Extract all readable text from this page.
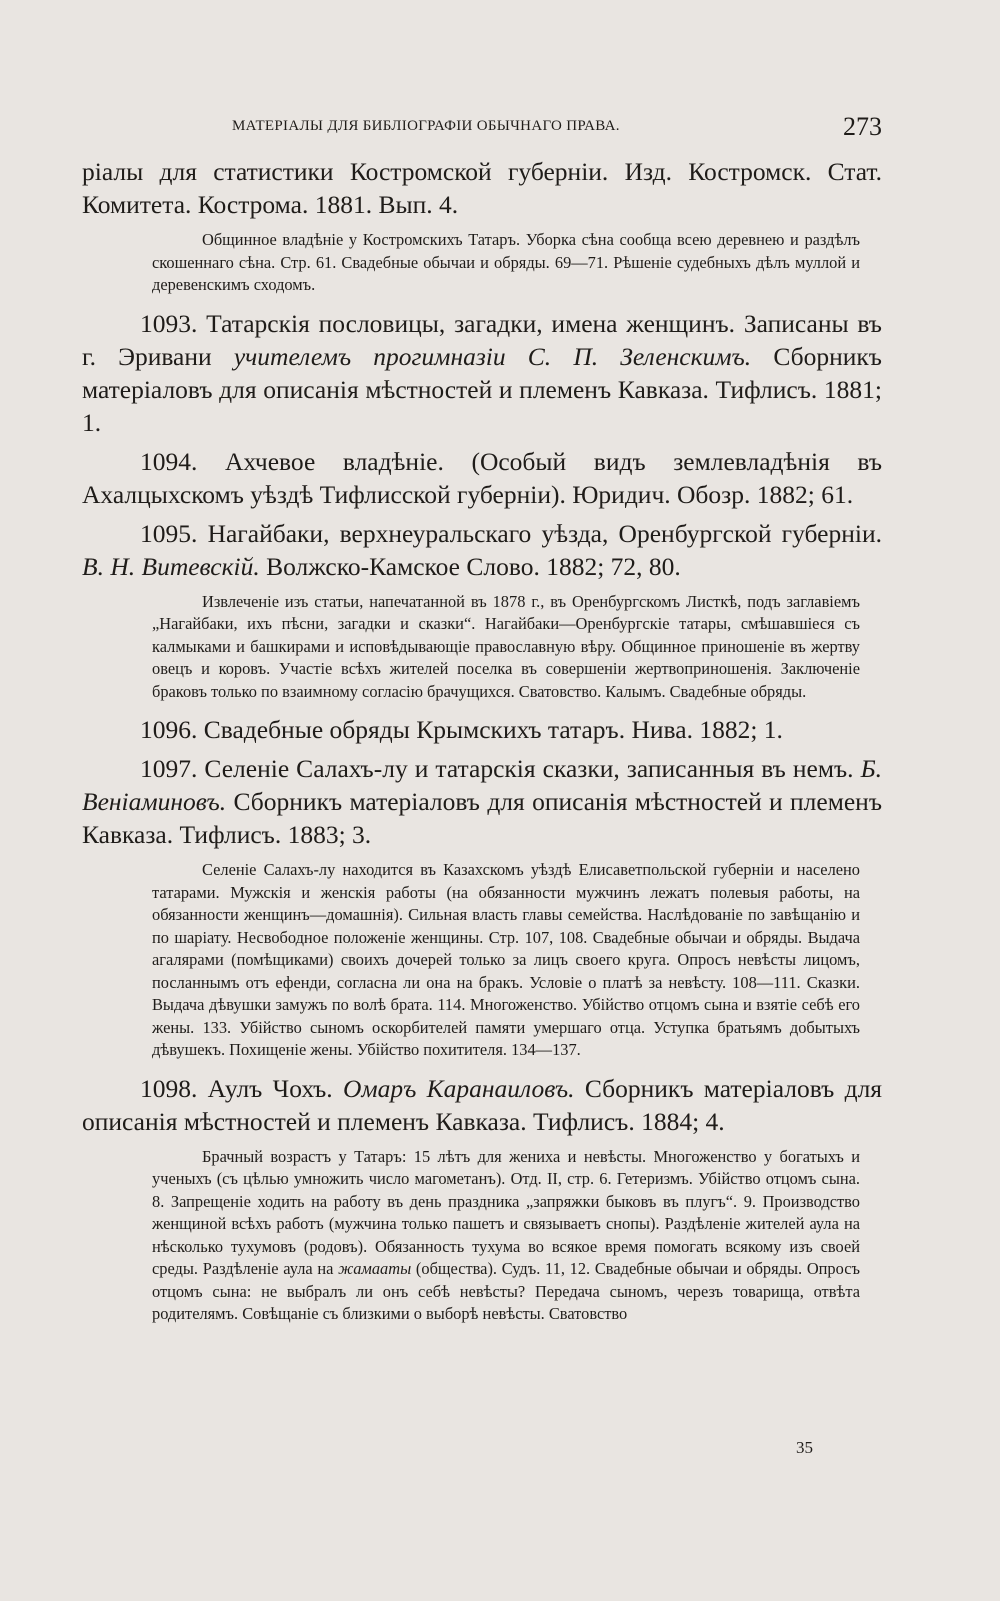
МАТЕРІАЛЫ ДЛЯ БИБЛІОГРАФІИ ОБЫЧНАГО ПРАВА.	273

ріалы для статистики Костромской губерніи. Изд. Костромск. Стат. Комитета. Кострома. 1881. Вып. 4.

Общинное владѣніе у Костромскихъ Татаръ. Уборка сѣна сообща всею деревнею и раздѣлъ скошеннаго сѣна. Стр. 61. Свадебные обычаи и обряды. 69—71. Рѣшеніе судебныхъ дѣлъ муллой и деревенскимъ сходомъ.

1093. Татарскія пословицы, загадки, имена женщинъ. Записаны въ г. Эривани учителемъ прогимназіи С. П. Зеленскимъ. Сборникъ матеріаловъ для описанія мѣстностей и племенъ Кавказа. Тифлисъ. 1881; 1.

1094. Ахчевое владѣніе. (Особый видъ землевладѣнія въ Ахалцыхскомъ уѣздѣ Тифлисской губерніи). Юридич. Обозр. 1882; 61.

1095. Нагайбаки, верхнеуральскаго уѣзда, Оренбургской губерніи. В. Н. Витевскій. Волжско-Камское Слово. 1882; 72, 80.

Извлеченіе изъ статьи, напечатанной въ 1878 г., въ Оренбургскомъ Листкѣ, подъ заглавіемъ „Нагайбаки, ихъ пѣсни, загадки и сказки“. Нагайбаки—Оренбургскіе татары, смѣшавшіеся съ калмыками и башкирами и исповѣдывающіе православную вѣру. Общинное приношеніе въ жертву овецъ и коровъ. Участіе всѣхъ жителей поселка въ совершеніи жертвоприношенія. Заключеніе браковъ только по взаимному согласію брачущихся. Сватовство. Калымъ. Свадебные обряды.

1096. Свадебные обряды Крымскихъ татаръ. Нива. 1882; 1.

1097. Селеніе Салахъ-лу и татарскія сказки, записанныя въ немъ. Б. Веніаминовъ. Сборникъ матеріаловъ для описанія мѣстностей и племенъ Кавказа. Тифлисъ. 1883; 3.

Селеніе Салахъ-лу находится въ Казахскомъ уѣздѣ Елисаветпольской губерніи и населено татарами. Мужскія и женскія работы (на обязанности мужчинъ лежатъ полевыя работы, на обязанности женщинъ—домашнія). Сильная власть главы семейства. Наслѣдованіе по завѣщанію и по шаріату. Несвободное положеніе женщины. Стр. 107, 108. Свадебные обычаи и обряды. Выдача агалярами (помѣщиками) своихъ дочерей только за лицъ своего круга. Опросъ невѣсты лицомъ, посланнымъ отъ ефенди, согласна ли она на бракъ. Условіе о платѣ за невѣсту. 108—111. Сказки. Выдача дѣвушки замужъ по волѣ брата. 114. Многоженство. Убійство отцомъ сына и взятіе себѣ его жены. 133. Убійство сыномъ оскорбителей памяти умершаго отца. Уступка братьямъ добытыхъ дѣвушекъ. Похищеніе жены. Убійство похитителя. 134—137.

1098. Аулъ Чохъ. Омаръ Каранаиловъ. Сборникъ матеріаловъ для описанія мѣстностей и племенъ Кавказа. Тифлисъ. 1884; 4.

Брачный возрастъ у Татаръ: 15 лѣтъ для жениха и невѣсты. Многоженство у богатыхъ и ученыхъ (съ цѣлью умножить число магометанъ). Отд. II, стр. 6. Гетеризмъ. Убійство отцомъ сына. 8. Запрещеніе ходить на работу въ день праздника „запряжки быковъ въ плугъ“. 9. Производство женщиной всѣхъ работъ (мужчина только пашетъ и связываетъ снопы). Раздѣленіе жителей аула на нѣсколько тухумовъ (родовъ). Обязанность тухума во всякое время помогать всякому изъ своей среды. Раздѣленіе аула на жамааты (общества). Судъ. 11, 12. Свадебные обычаи и обряды. Опросъ отцомъ сына: не выбралъ ли онъ себѣ невѣсты? Передача сыномъ, черезъ товарища, отвѣта родителямъ. Совѣщаніе съ близкими о выборѣ невѣсты. Сватовство

35
